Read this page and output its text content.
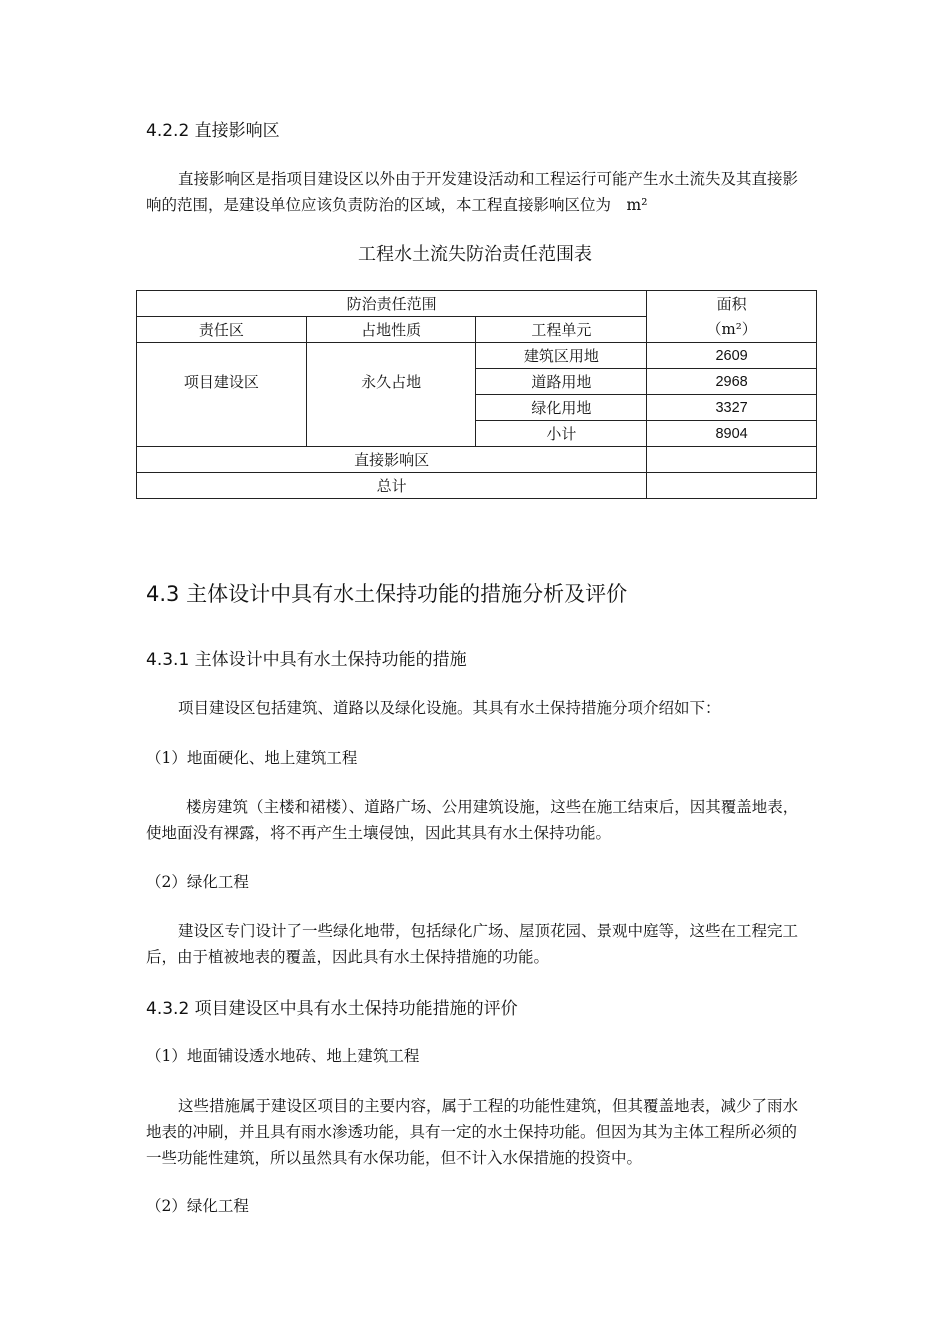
4.2.2 直接影响区
直接影响区是指项目建设区以外由于开发建设活动和工程运行可能产生水土流失及其直接影响的范围，是建设单位应该负责防治的区域，本工程直接影响区位为　m²
工程水土流失防治责任范围表
防治责任范围			面积
（m²）
责任区	占地性质	工程单元	
项目建设区	永久占地	建筑区用地	2609
		道路用地	2968
		绿化用地	3327
		小计	8904
直接影响区			
总计			
4.3 主体设计中具有水土保持功能的措施分析及评价
4.3.1 主体设计中具有水土保持功能的措施
项目建设区包括建筑、道路以及绿化设施。其具有水土保持措施分项介绍如下：
（1）地面硬化、地上建筑工程
楼房建筑（主楼和裙楼）、道路广场、公用建筑设施，这些在施工结束后，因其覆盖地表，使地面没有裸露，将不再产生土壤侵蚀，因此其具有水土保持功能。
（2）绿化工程
建设区专门设计了一些绿化地带，包括绿化广场、屋顶花园、景观中庭等，这些在工程完工后，由于植被地表的覆盖，因此具有水土保持措施的功能。
4.3.2 项目建设区中具有水土保持功能措施的评价
（1）地面铺设透水地砖、地上建筑工程
这些措施属于建设区项目的主要内容，属于工程的功能性建筑，但其覆盖地表，减少了雨水地表的冲刷，并且具有雨水渗透功能，具有一定的水土保持功能。但因为其为主体工程所必须的一些功能性建筑，所以虽然具有水保功能，但不计入水保措施的投资中。
（2）绿化工程
